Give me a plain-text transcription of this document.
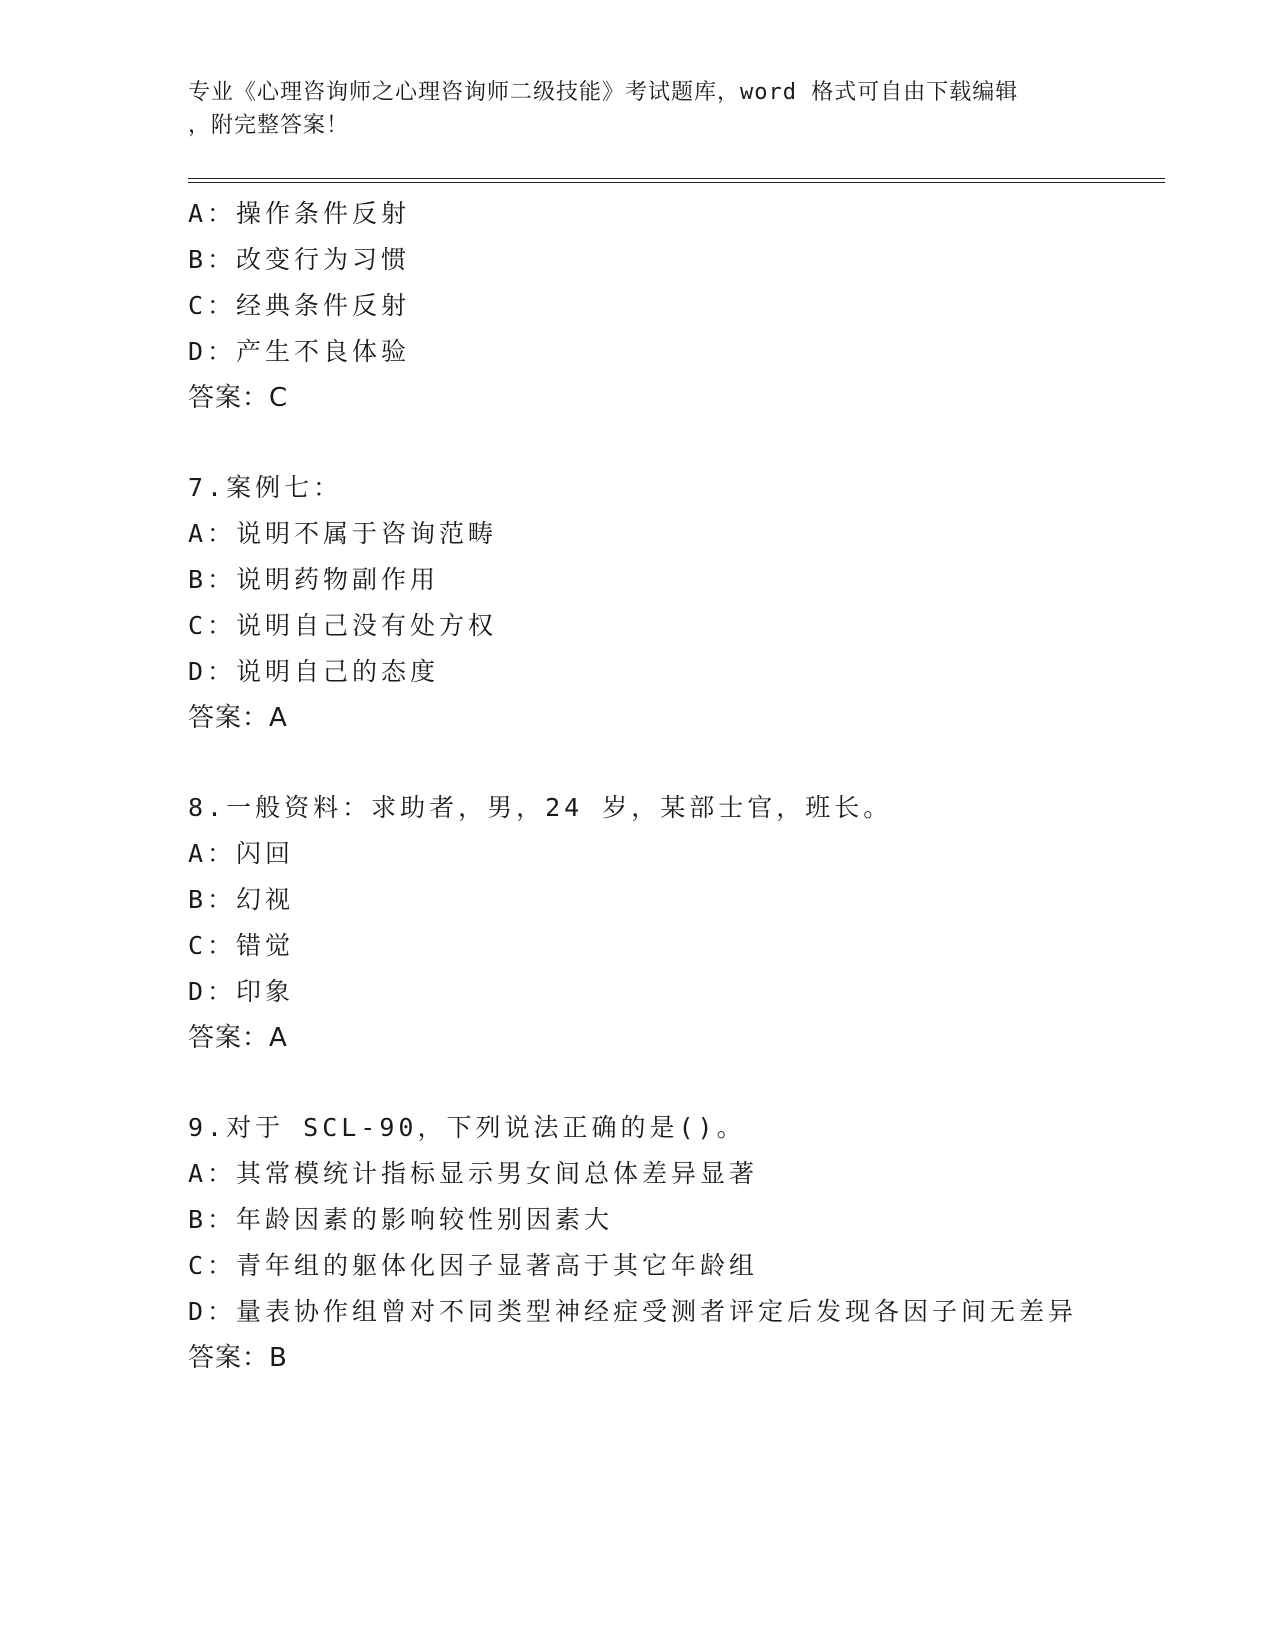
专业《心理咨询师之心理咨询师二级技能》考试题库，word 格式可自由下载编辑
，附完整答案！
A：操作条件反射
B：改变行为习惯
C：经典条件反射
D：产生不良体验
答案：C
7.案例七：
A：说明不属于咨询范畴
B：说明药物副作用
C：说明自己没有处方权
D：说明自己的态度
答案：A
8.一般资料：求助者，男，24 岁，某部士官，班长。
A：闪回
B：幻视
C：错觉
D：印象
答案：A
9.对于 SCL-90，下列说法正确的是()。
A：其常模统计指标显示男女间总体差异显著
B：年龄因素的影响较性别因素大
C：青年组的躯体化因子显著高于其它年龄组
D：量表协作组曾对不同类型神经症受测者评定后发现各因子间无差异
答案：B
